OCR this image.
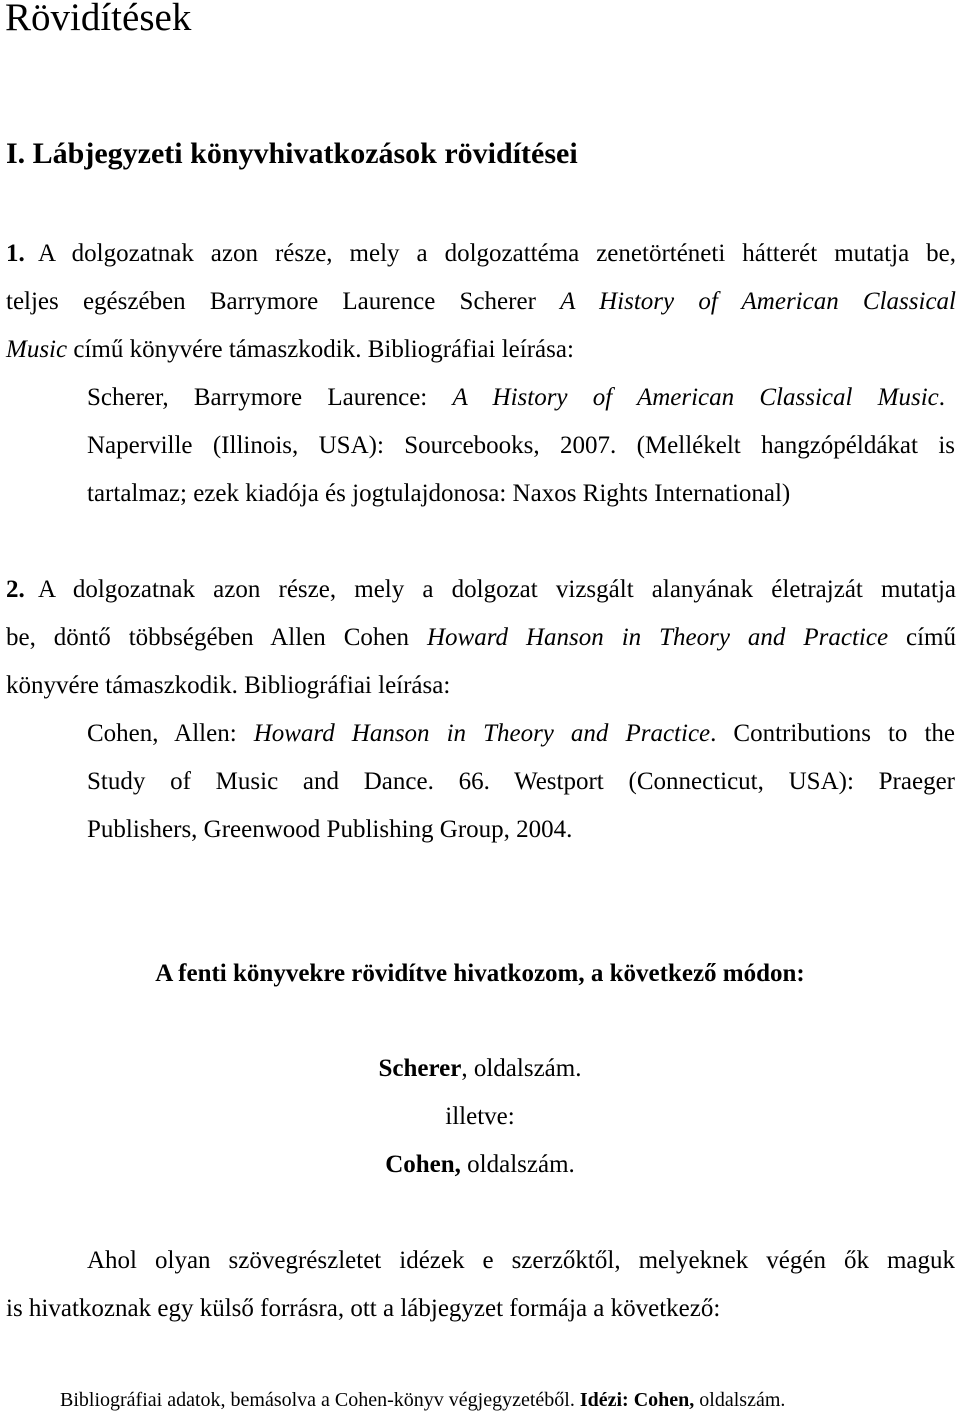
Rövidítések
I. Lábjegyzeti könyvhivatkozások rövidítései
1. A dolgozatnak azon része, mely a dolgozattéma zenetörténeti hátterét mutatja be,
teljes egészében Barrymore Laurence Scherer A History of American Classical
Music című könyvére támaszkodik. Bibliográfiai leírása:
Scherer, Barrymore Laurence: A History of American Classical Music.
Naperville (Illinois, USA): Sourcebooks, 2007. (Mellékelt hangzópéldákat is
tartalmaz; ezek kiadója és jogtulajdonosa: Naxos Rights International)
2. A dolgozatnak azon része, mely a dolgozat vizsgált alanyának életrajzát mutatja
be, döntő többségében Allen Cohen Howard Hanson in Theory and Practice című
könyvére támaszkodik. Bibliográfiai leírása:
Cohen, Allen: Howard Hanson in Theory and Practice. Contributions to the
Study of Music and Dance. 66. Westport (Connecticut, USA): Praeger
Publishers, Greenwood Publishing Group, 2004.
A fenti könyvekre rövidítve hivatkozom, a következő módon:
Scherer, oldalszám.
illetve:
Cohen, oldalszám.
Ahol olyan szövegrészletet idézek e szerzőktől, melyeknek végén ők maguk
is hivatkoznak egy külső forrásra, ott a lábjegyzet formája a következő:
Bibliográfiai adatok, bemásolva a Cohen-könyv végjegyzetéből. Idézi: Cohen, oldalszám.
